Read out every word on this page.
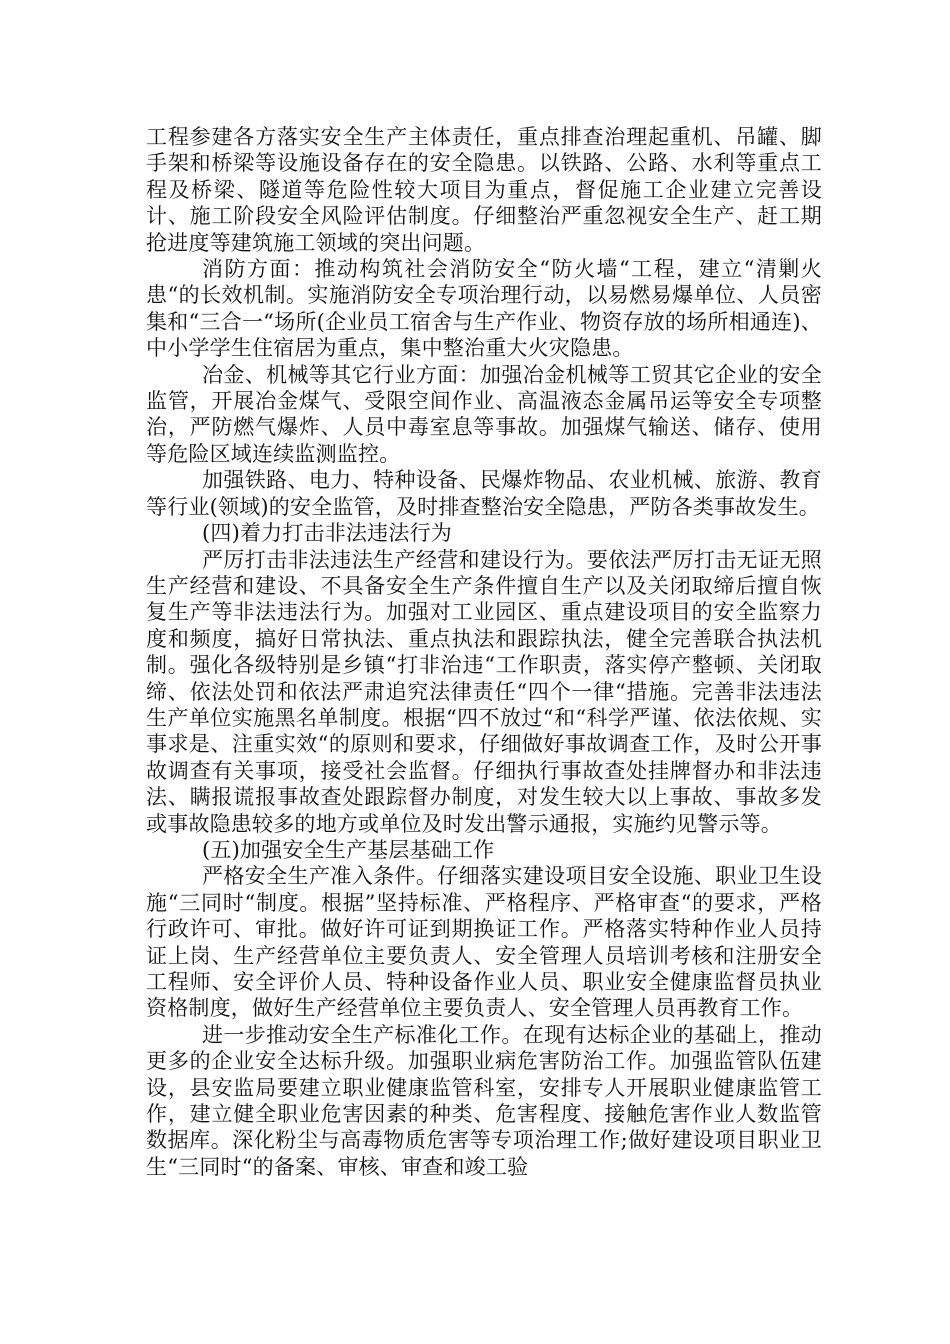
工程参建各方落实安全生产主体责任，重点排查治理起重机、吊罐、脚手架和桥梁等设施设备存在的安全隐患。以铁路、公路、水利等重点工程及桥梁、隧道等危险性较大项目为重点，督促施工企业建立完善设计、施工阶段安全风险评估制度。仔细整治严重忽视安全生产、赶工期抢进度等建筑施工领域的突出问题。

消防方面：推动构筑社会消防安全“防火墙“工程，建立“清剿火患“的长效机制。实施消防安全专项治理行动，以易燃易爆单位、人员密集和“三合一“场所(企业员工宿舍与生产作业、物资存放的场所相通连)、中小学学生住宿居为重点，集中整治重大火灾隐患。

冶金、机械等其它行业方面：加强冶金机械等工贸其它企业的安全监管，开展冶金煤气、受限空间作业、高温液态金属吊运等安全专项整治，严防燃气爆炸、人员中毒室息等事故。加强煤气输送、储存、使用等危险区域连续监测监控。

加强铁路、电力、特种设备、民爆炸物品、农业机械、旅游、教育等行业(领域)的安全监管，及时排查整治安全隐患，严防各类事故发生。

(四)着力打击非法违法行为

严厉打击非法违法生产经营和建设行为。要依法严厉打击无证无照生产经营和建设、不具备安全生产条件擅自生产以及关闭取缔后擅自恢复生产等非法违法行为。加强对工业园区、重点建设项目的安全监察力度和频度，搞好日常执法、重点执法和跟踪执法，健全完善联合执法机制。强化各级特别是乡镇“打非治违“工作职责，落实停产整顿、关闭取缔、依法处罚和依法严肃追究法律责任“四个一律“措施。完善非法违法生产单位实施黑名单制度。根据“四不放过“和“科学严谨、依法依规、实事求是、注重实效“的原则和要求，仔细做好事故调查工作，及时公开事故调查有关事项，接受社会监督。仔细执行事故查处挂牌督办和非法违法、瞒报谎报事故查处跟踪督办制度，对发生较大以上事故、事故多发或事故隐患较多的地方或单位及时发出警示通报，实施约见警示等。

(五)加强安全生产基层基础工作

严格安全生产准入条件。仔细落实建设项目安全设施、职业卫生设施“三同时“制度。根据”坚持标准、严格程序、严格审查“的要求，严格行政许可、审批。做好许可证到期换证工作。严格落实特种作业人员持证上岗、生产经营单位主要负责人、安全管理人员培训考核和注册安全工程师、安全评价人员、特种设备作业人员、职业安全健康监督员执业资格制度，做好生产经营单位主要负责人、安全管理人员再教育工作。

进一步推动安全生产标准化工作。在现有达标企业的基础上，推动更多的企业安全达标升级。加强职业病危害防治工作。加强监管队伍建设，县安监局要建立职业健康监管科室，安排专人开展职业健康监管工作，建立健全职业危害因素的种类、危害程度、接触危害作业人数监管数据库。深化粉尘与高毒物质危害等专项治理工作;做好建设项目职业卫生“三同时“的备案、审核、审查和竣工验
